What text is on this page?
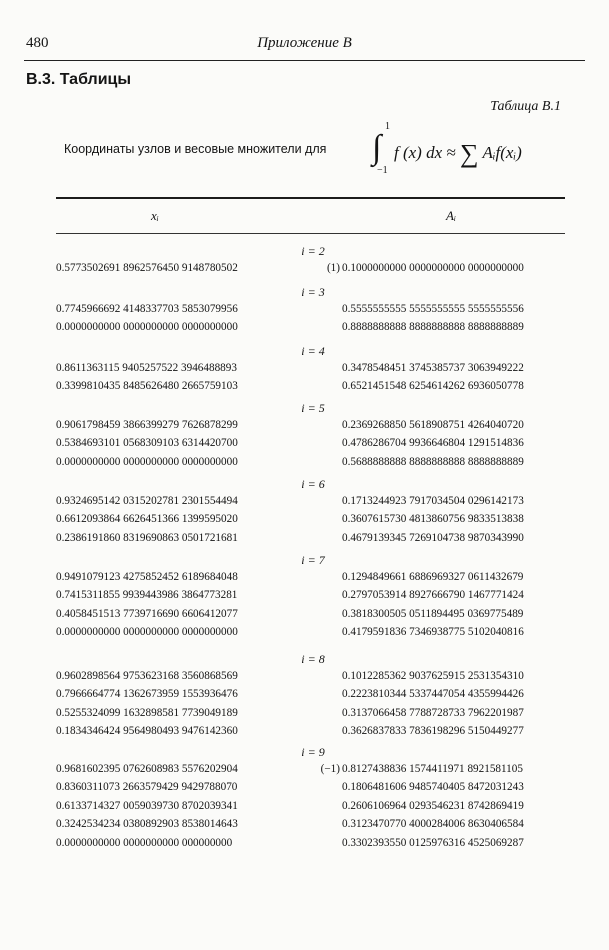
480	Приложение B
B.3. Таблицы
Таблица B.1
Координаты узлов и весовые множители для ∫
1
−1
f (x) dx ≈ ∑ Aᵢf(xᵢ)
xᵢ	Aᵢ
i = 2
0.5773502691 8962576450 9148780502	(1) 0.1000000000 0000000000 0000000000
i = 3
0.7745966692 4148337703 5853079956	0.5555555555 5555555555 5555555556
0.0000000000 0000000000 0000000000	0.8888888888 8888888888 8888888889
i = 4
0.8611363115 9405257522 3946488893	0.3478548451 3745385737 3063949222
0.3399810435 8485626480 2665759103	0.6521451548 6254614262 6936050778
i = 5
0.9061798459 3866399279 7626878299	0.2369268850 5618908751 4264040720
0.5384693101 0568309103 6314420700	0.4786286704 9936646804 1291514836
0.0000000000 0000000000 0000000000	0.5688888888 8888888888 8888888889
i = 6
0.9324695142 0315202781 2301554494	0.1713244923 7917034504 0296142173
0.6612093864 6626451366 1399595020	0.3607615730 4813860756 9833513838
0.2386191860 8319690863 0501721681	0.4679139345 7269104738 9870343990
i = 7
0.9491079123 4275852452 6189684048	0.1294849661 6886969327 0611432679
0.7415311855 9939443986 3864773281	0.2797053914 8927666790 1467771424
0.4058451513 7739716690 6606412077	0.3818300505 0511894495 0369775489
0.0000000000 0000000000 0000000000	0.4179591836 7346938775 5102040816
i = 8
0.9602898564 9753623168 3560868569	0.1012285362 9037625915 2531354310
0.7966664774 1362673959 1553936476	0.2223810344 5337447054 4355994426
0.5255324099 1632898581 7739049189	0.3137066458 7788728733 7962201987
0.1834346424 9564980493 9476142360	0.3626837833 7836198296 5150449277
i = 9
0.9681602395 0762608983 5576202904	(−1) 0.8127438836 1574411971 8921581105
0.8360311073 2663579429 9429788070	0.1806481606 9485740405 8472031243
0.6133714327 0059039730 8702039341	0.2606106964 0293546231 8742869419
0.3242534234 0380892903 8538014643	0.3123470770 4000284006 8630406584
0.0000000000 0000000000 000000000	0.3302393550 0125976316 4525069287
